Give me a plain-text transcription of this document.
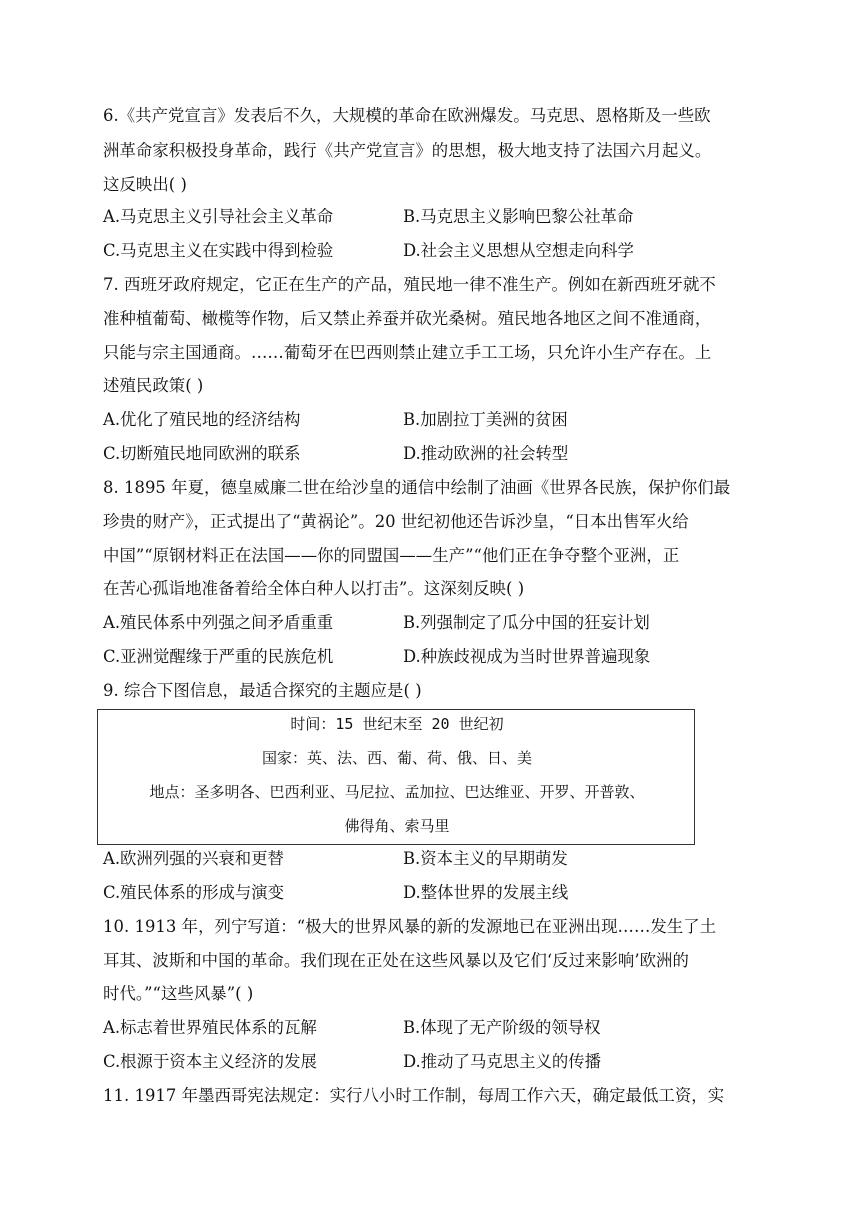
6.《共产党宣言》发表后不久，大规模的革命在欧洲爆发。马克思、恩格斯及一些欧
洲革命家积极投身革命，践行《共产党宣言》的思想，极大地支持了法国六月起义。
这反映出( )
A.马克思主义引导社会主义革命	B.马克思主义影响巴黎公社革命
C.马克思主义在实践中得到检验	D.社会主义思想从空想走向科学
7. 西班牙政府规定，它正在生产的产品，殖民地一律不准生产。例如在新西班牙就不
准种植葡萄、橄榄等作物，后又禁止养蚕并砍光桑树。殖民地各地区之间不准通商，
只能与宗主国通商。……葡萄牙在巴西则禁止建立手工工场，只允许小生产存在。上
述殖民政策( )
A.优化了殖民地的经济结构	B.加剧拉丁美洲的贫困
C.切断殖民地同欧洲的联系	D.推动欧洲的社会转型
8. 1895 年夏，德皇威廉二世在给沙皇的通信中绘制了油画《世界各民族，保护你们最
珍贵的财产》，正式提出了“黄祸论”。20 世纪初他还告诉沙皇，“日本出售军火给
中国”“原钢材料正在法国——你的同盟国——生产”“他们正在争夺整个亚洲，正
在苦心孤诣地准备着给全体白种人以打击”。这深刻反映( )
A.殖民体系中列强之间矛盾重重	B.列强制定了瓜分中国的狂妄计划
C.亚洲觉醒缘于严重的民族危机	D.种族歧视成为当时世界普遍现象
9. 综合下图信息，最适合探究的主题应是( )
时间：15 世纪末至 20 世纪初
国家：英、法、西、葡、荷、俄、日、美
地点：圣多明各、巴西利亚、马尼拉、孟加拉、巴达维亚、开罗、开普敦、
佛得角、索马里
A.欧洲列强的兴衰和更替	B.资本主义的早期萌发
C.殖民体系的形成与演变	D.整体世界的发展主线
10. 1913 年，列宁写道：“极大的世界风暴的新的发源地已在亚洲出现……发生了土
耳其、波斯和中国的革命。我们现在正处在这些风暴以及它们‘反过来影响’欧洲的
时代。”“这些风暴”( )
A.标志着世界殖民体系的瓦解	B.体现了无产阶级的领导权
C.根源于资本主义经济的发展	D.推动了马克思主义的传播
11. 1917 年墨西哥宪法规定：实行八小时工作制，每周工作六天，确定最低工资，实
